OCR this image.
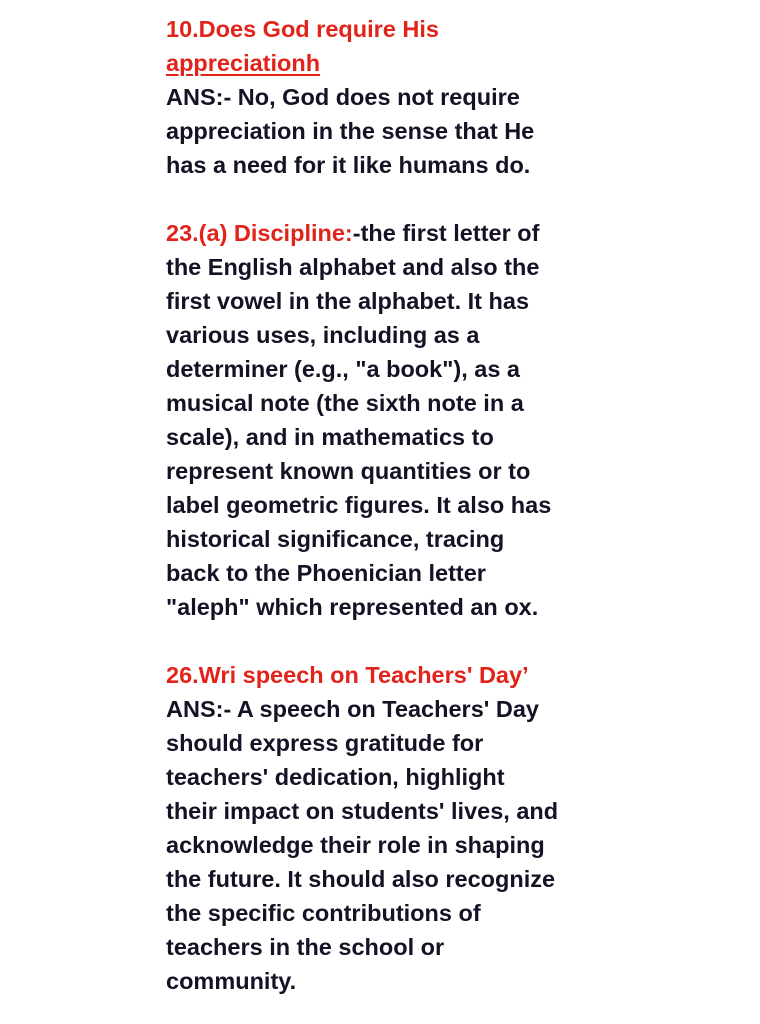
10.Does God require His
appreciationh
ANS:- No, God does not require
appreciation in the sense that He
has a need for it like humans do.
23.(a) Discipline:-the first letter of
the English alphabet and also the
first vowel in the alphabet. It has
various uses, including as a
determiner (e.g., "a book"), as a
musical note (the sixth note in a
scale), and in mathematics to
represent known quantities or to
label geometric figures. It also has
historical significance, tracing
back to the Phoenician letter
"aleph" which represented an ox.
26.Wri speech on Teachers' Day’
ANS:- A speech on Teachers' Day
should express gratitude for
teachers' dedication, highlight
their impact on students' lives, and
acknowledge their role in shaping
the future. It should also recognize
the specific contributions of
teachers in the school or
community.
